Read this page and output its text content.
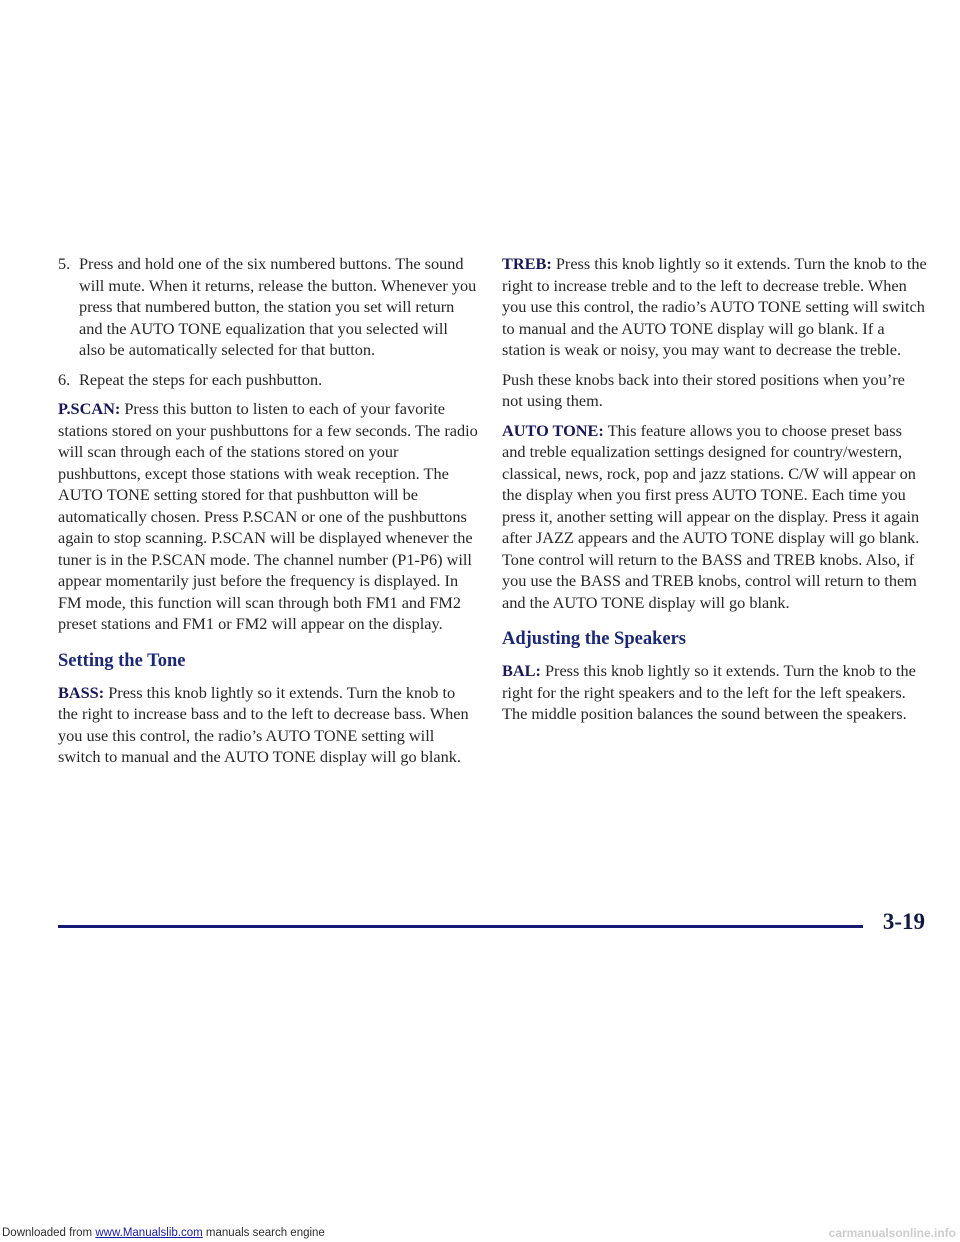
5. Press and hold one of the six numbered buttons. The sound will mute. When it returns, release the button. Whenever you press that numbered button, the station you set will return and the AUTO TONE equalization that you selected will also be automatically selected for that button.
6. Repeat the steps for each pushbutton.

P.SCAN: Press this button to listen to each of your favorite stations stored on your pushbuttons for a few seconds. The radio will scan through each of the stations stored on your pushbuttons, except those stations with weak reception. The AUTO TONE setting stored for that pushbutton will be automatically chosen. Press P.SCAN or one of the pushbuttons again to stop scanning. P.SCAN will be displayed whenever the tuner is in the P.SCAN mode. The channel number (P1-P6) will appear momentarily just before the frequency is displayed. In FM mode, this function will scan through both FM1 and FM2 preset stations and FM1 or FM2 will appear on the display.

Setting the Tone

BASS: Press this knob lightly so it extends. Turn the knob to the right to increase bass and to the left to decrease bass. When you use this control, the radio’s AUTO TONE setting will switch to manual and the AUTO TONE display will go blank.

TREB: Press this knob lightly so it extends. Turn the knob to the right to increase treble and to the left to decrease treble. When you use this control, the radio’s AUTO TONE setting will switch to manual and the AUTO TONE display will go blank. If a station is weak or noisy, you may want to decrease the treble.

Push these knobs back into their stored positions when you’re not using them.

AUTO TONE: This feature allows you to choose preset bass and treble equalization settings designed for country/western, classical, news, rock, pop and jazz stations. C/W will appear on the display when you first press AUTO TONE. Each time you press it, another setting will appear on the display. Press it again after JAZZ appears and the AUTO TONE display will go blank. Tone control will return to the BASS and TREB knobs. Also, if you use the BASS and TREB knobs, control will return to them and the AUTO TONE display will go blank.

Adjusting the Speakers

BAL: Press this knob lightly so it extends. Turn the knob to the right for the right speakers and to the left for the left speakers. The middle position balances the sound between the speakers.

3-19
Downloaded from www.Manualslib.com manuals search engine	carmanualsonline.info
